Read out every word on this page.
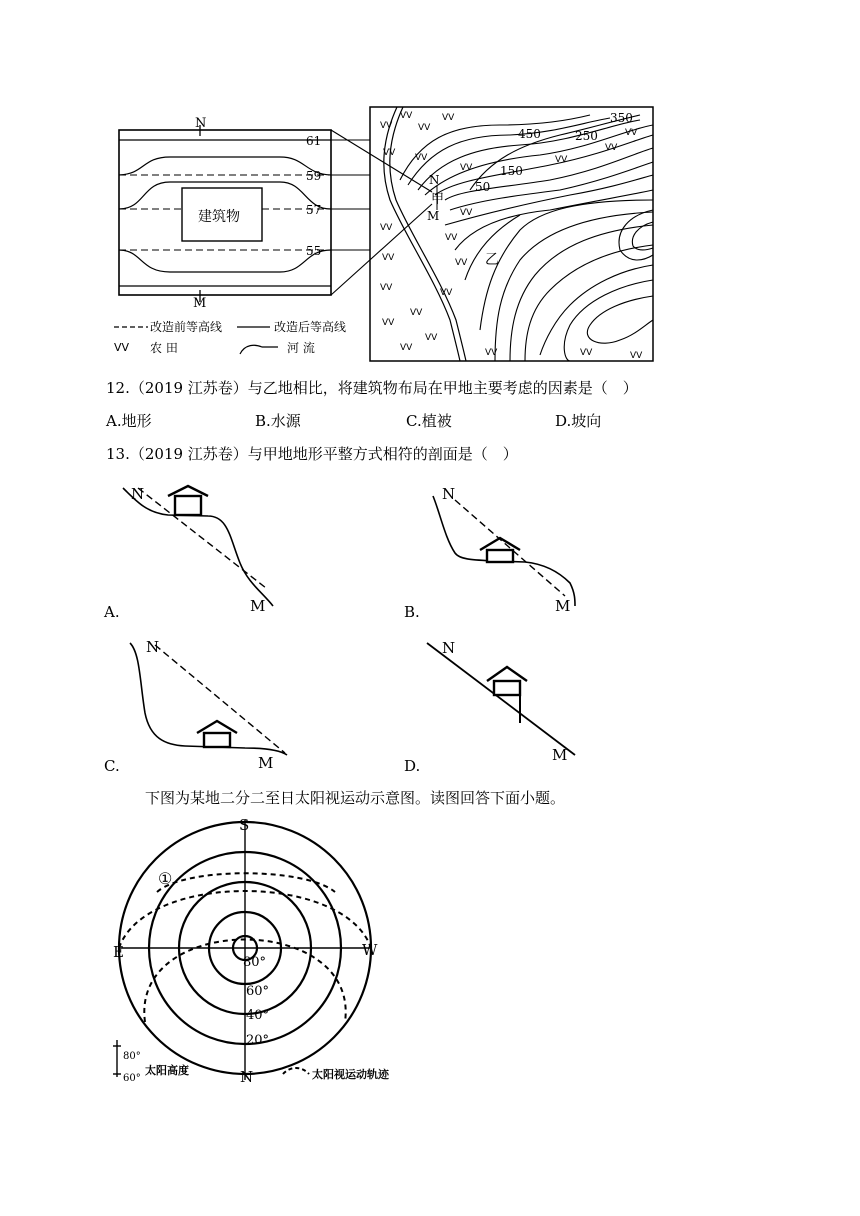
N
M
61
59
57
55
建筑物
ᐯᐯ
改造前等高线	改造后等高线
农 田	河 流
ᐯᐯᐯᐯᐯᐯ ᐯᐯ ᐯᐯ ᐯᐯ ᐯᐯᐯᐯᐯᐯ ᐯᐯ ᐯᐯ ᐯᐯ ᐯᐯ ᐯᐯᐯᐯ ᐯᐯᐯᐯᐯᐯ ᐯᐯᐯᐯ ᐯᐯ ᐯᐯ	ᐯᐯ	ᐯᐯ
350
450	250
150
50
N
甲
M
乙
12.（2019 江苏卷）与乙地相比，将建筑物布局在甲地主要考虑的因素是（　）
A.地形	B.水源	C.植被	D.坡向
13.（2019 江苏卷）与甲地地形平整方式相符的剖面是（　）
N
M
A.
N
M
B.
N
M
C.
N
M
D.
下图为某地二分二至日太阳视运动示意图。读图回答下面小题。
S
N
E	W
①
80°
60°
40°
20°
80°
60°
太阳高度	太阳视运动轨迹
